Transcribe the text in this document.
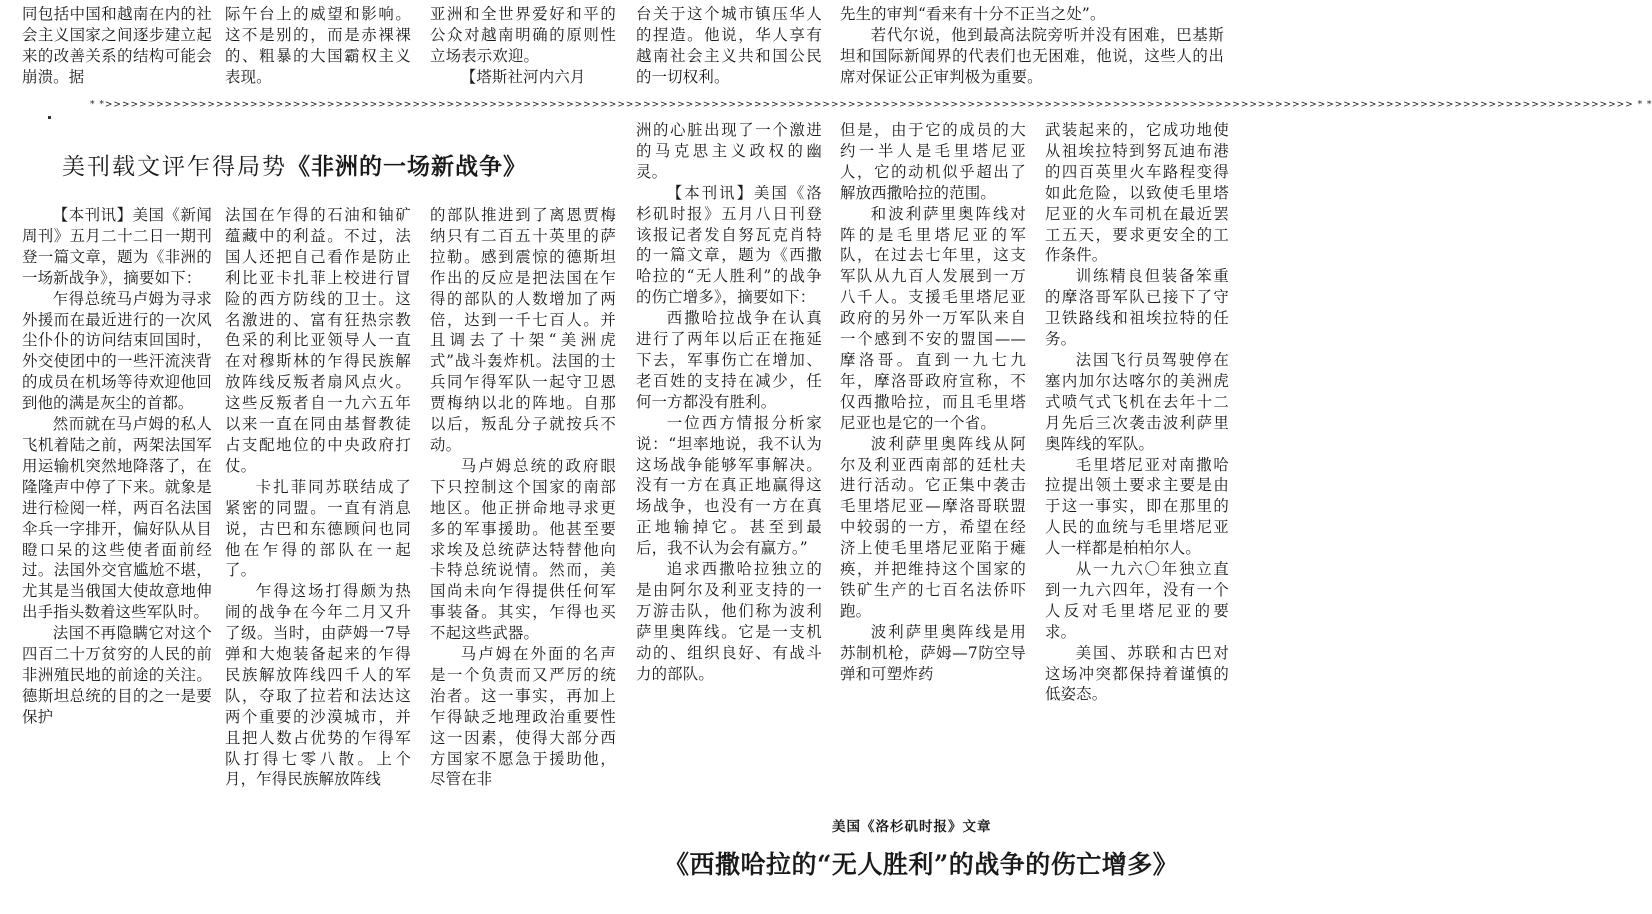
同包括中国和越南在内的社会主义国家之间逐步建立起来的改善关系的结构可能会崩溃。据

际午台上的威望和影响。这不是别的，而是赤裸裸的、粗暴的大国霸权主义表现。

亚洲和全世界爱好和平的公众对越南明确的原则性立场表示欢迎。

【塔斯社河内六月

台关于这个城市镇压华人的捏造。他说，华人享有越南社会主义共和国公民的一切权利。

先生的审判“看来有十分不正当之处”。

若代尔说，他到最高法院旁听并没有困难，巴基斯坦和国际新闻界的代表们也无困难，他说，这些人的出席对保证公正审判极为重要。

* *>>>>>>>>>>>>>>>>>>>>>>>>>>>>>>>>>>>>>>>>>>>>>>>>>>>>>>>>>>>>>>>>>>>>>>>>>>>>>>>>>>>>>>>>>>>>>>>>>>>>>>>>>>>>>>>>>>>>>>>>>>>>>>>>>>>>>>>>>>>>>>>>>>>>>>>>>>>>>>>>>>>>>>>>>>>>>>>>>>> * *
美刊载文评乍得局势《非洲的一场新战争》

【本刊讯】美国《新闻周刊》五月二十二日一期刊登一篇文章，题为《非洲的一场新战争》，摘要如下：

乍得总统马卢姆为寻求外援而在最近进行的一次风尘仆仆的访问结束回国时，外交使团中的一些汗流浃背的成员在机场等待欢迎他回到他的满是灰尘的首都。

然而就在马卢姆的私人飞机着陆之前，两架法国军用运输机突然地降落了，在隆隆声中停了下来。就象是进行检阅一样，两百名法国伞兵一字排开，偏好队从目瞪口呆的这些使者面前经过。法国外交官尴尬不堪，尤其是当俄国大使故意地伸出手指头数着这些军队时。

法国不再隐瞒它对这个四百二十万贫穷的人民的前非洲殖民地的前途的关注。德斯坦总统的目的之一是要保护

法国在乍得的石油和铀矿蕴藏中的利益。不过，法国人还把自己看作是防止利比亚卡扎菲上校进行冒险的西方防线的卫士。这名激进的、富有狂热宗教色采的利比亚领导人一直在对穆斯林的乍得民族解放阵线反叛者扇风点火。这些反叛者自一九六五年以来一直在同由基督教徒占支配地位的中央政府打仗。

卡扎菲同苏联结成了紧密的同盟。一直有消息说，古巴和东德顾问也同他在乍得的部队在一起了。

乍得这场打得颇为热闹的战争在今年二月又升了级。当时，由萨姆一7导弹和大炮装备起来的乍得民族解放阵线四千人的军队，夺取了拉若和法达这两个重要的沙漠城市，并且把人数占优势的乍得军队打得七零八散。上个月，乍得民族解放阵线

的部队推进到了离恩贾梅纳只有二百五十英里的萨拉勒。感到震惊的德斯坦作出的反应是把法国在乍得的部队的人数增加了两倍，达到一千七百人。并且调去了十架“美洲虎式”战斗轰炸机。法国的士兵同乍得军队一起守卫恩贾梅纳以北的阵地。自那以后，叛乱分子就按兵不动。

马卢姆总统的政府眼下只控制这个国家的南部地区。他正拼命地寻求更多的军事援助。他甚至要求埃及总统萨达特替他向卡特总统说情。然而，美国尚未向乍得提供任何军事装备。其实，乍得也买不起这些武器。

马卢姆在外面的名声是一个负责而又严厉的统治者。这一事实，再加上乍得缺乏地理政治重要性这一因素，使得大部分西方国家不愿急于援助他，尽管在非

洲的心脏出现了一个激进的马克思主义政权的幽灵。

【本刊讯】美国《洛杉矶时报》五月八日刊登该报记者发自努瓦克肖特的一篇文章，题为《西撒哈拉的“无人胜利”的战争的伤亡增多》，摘要如下：

西撒哈拉战争在认真进行了两年以后正在拖延下去，军事伤亡在增加、老百姓的支持在减少，任何一方都没有胜利。

一位西方情报分析家说：“坦率地说，我不认为这场战争能够军事解决。没有一方在真正地赢得这场战争，也没有一方在真正地输掉它。甚至到最后，我不认为会有赢方。”

追求西撒哈拉独立的是由阿尔及利亚支持的一万游击队，他们称为波利萨里奥阵线。它是一支机动的、组织良好、有战斗力的部队。

但是，由于它的成员的大约一半人是毛里塔尼亚人，它的动机似乎超出了解放西撒哈拉的范围。

和波利萨里奥阵线对阵的是毛里塔尼亚的军队，在过去七年里，这支军队从九百人发展到一万八千人。支援毛里塔尼亚政府的另外一万军队来自一个感到不安的盟国——摩洛哥。直到一九七九年，摩洛哥政府宣称，不仅西撒哈拉，而且毛里塔尼亚也是它的一个省。

波利萨里奥阵线从阿尔及利亚西南部的廷杜夫进行活动。它正集中袭击毛里塔尼亚—摩洛哥联盟中较弱的一方，希望在经济上使毛里塔尼亚陷于瘫痪，并把维持这个国家的铁矿生产的七百名法侨吓跑。

波利萨里奥阵线是用苏制机枪，萨姆—7防空导弹和可塑炸药

武装起来的，它成功地使从祖埃拉特到努瓦迪布港的四百英里火车路程变得如此危险，以致使毛里塔尼亚的火车司机在最近罢工五天，要求更安全的工作条件。

训练精良但装备笨重的摩洛哥军队已接下了守卫铁路线和祖埃拉特的任务。

法国飞行员驾驶停在塞内加尔达喀尔的美洲虎式喷气式飞机在去年十二月先后三次袭击波利萨里奥阵线的军队。

毛里塔尼亚对南撒哈拉提出领土要求主要是由于这一事实，即在那里的人民的血统与毛里塔尼亚人一样都是柏柏尔人。

从一九六〇年独立直到一九六四年，没有一个人反对毛里塔尼亚的要求。

美国、苏联和古巴对这场冲突都保持着谨慎的低姿态。

美国《洛杉矶时报》文章
《西撒哈拉的“无人胜利”的战争的伤亡增多》
